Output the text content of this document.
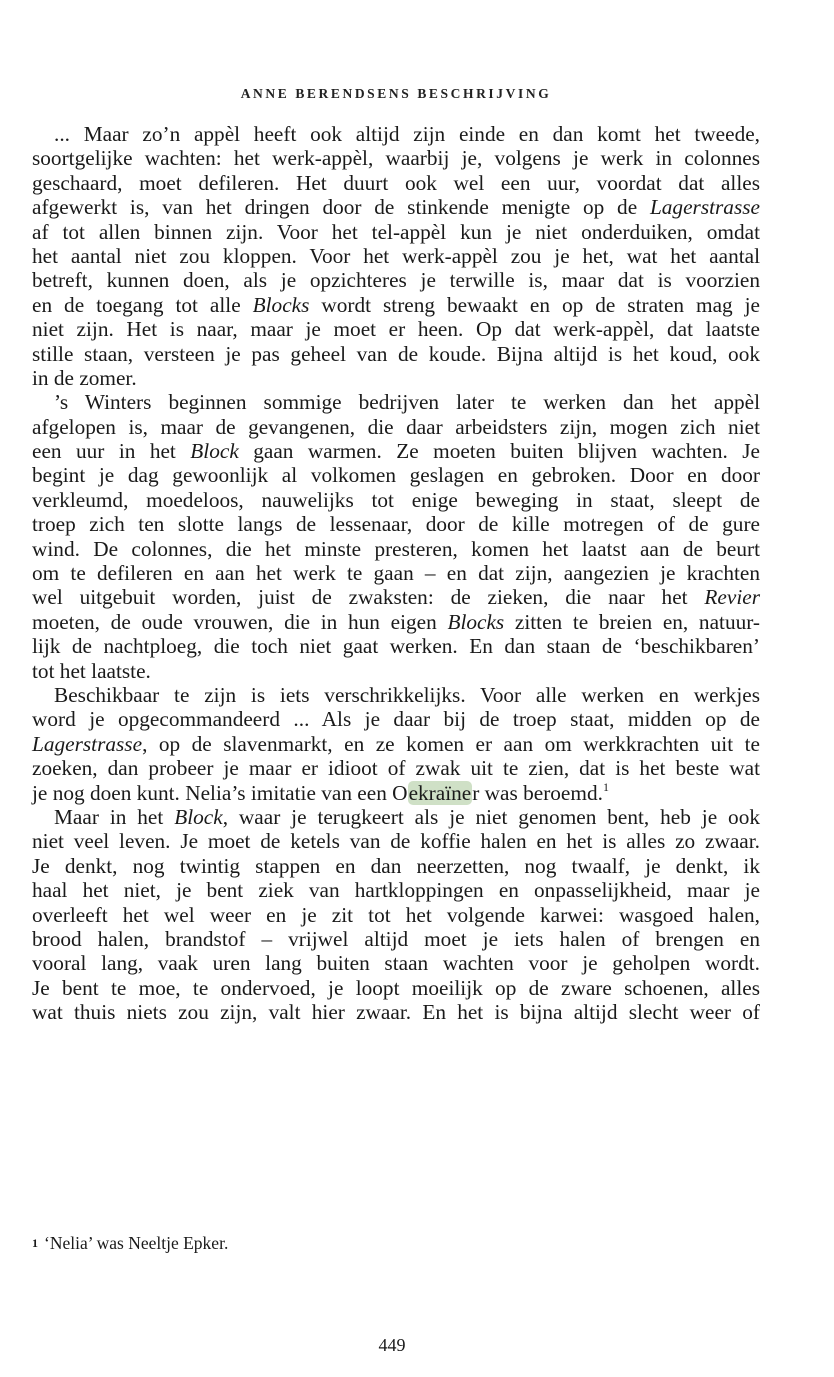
ANNE BERENDSENS BESCHRIJVING
... Maar zo’n appèl heeft ook altijd zijn einde en dan komt het tweede,
soortgelijke wachten: het werk-appèl, waarbij je, volgens je werk in colonnes
geschaard, moet defileren. Het duurt ook wel een uur, voordat dat alles
afgewerkt is, van het dringen door de stinkende menigte op de Lagerstrasse
af tot allen binnen zijn. Voor het tel-appèl kun je niet onderduiken, omdat
het aantal niet zou kloppen. Voor het werk-appèl zou je het, wat het aantal
betreft, kunnen doen, als je opzichteres je terwille is, maar dat is voorzien
en de toegang tot alle Blocks wordt streng bewaakt en op de straten mag je
niet zijn. Het is naar, maar je moet er heen. Op dat werk-appèl, dat laatste
stille staan, versteen je pas geheel van de koude. Bijna altijd is het koud, ook
in de zomer.
’s Winters beginnen sommige bedrijven later te werken dan het appèl
afgelopen is, maar de gevangenen, die daar arbeidsters zijn, mogen zich niet
een uur in het Block gaan warmen. Ze moeten buiten blijven wachten. Je
begint je dag gewoonlijk al volkomen geslagen en gebroken. Door en door
verkleumd, moedeloos, nauwelijks tot enige beweging in staat, sleept de
troep zich ten slotte langs de lessenaar, door de kille motregen of de gure
wind. De colonnes, die het minste presteren, komen het laatst aan de beurt
om te defileren en aan het werk te gaan – en dat zijn, aangezien je krachten
wel uitgebuit worden, juist de zwaksten: de zieken, die naar het Revier
moeten, de oude vrouwen, die in hun eigen Blocks zitten te breien en, natuur-
lijk de nachtploeg, die toch niet gaat werken. En dan staan de ‘beschikbaren’
tot het laatste.
Beschikbaar te zijn is iets verschrikkelijks. Voor alle werken en werkjes
word je opgecommandeerd ... Als je daar bij de troep staat, midden op de
Lagerstrasse, op de slavenmarkt, en ze komen er aan om werkkrachten uit te
zoeken, dan probeer je maar er idioot of zwak uit te zien, dat is het beste wat
je nog doen kunt. Nelia’s imitatie van een Oekraïner was beroemd.$^1$
Maar in het Block, waar je terugkeert als je niet genomen bent, heb je ook
niet veel leven. Je moet de ketels van de koffie halen en het is alles zo zwaar.
Je denkt, nog twintig stappen en dan neerzetten, nog twaalf, je denkt, ik
haal het niet, je bent ziek van hartkloppingen en onpasselijkheid, maar je
overleeft het wel weer en je zit tot het volgende karwei: wasgoed halen,
brood halen, brandstof – vrijwel altijd moet je iets halen of brengen en
vooral lang, vaak uren lang buiten staan wachten voor je geholpen wordt.
Je bent te moe, te ondervoed, je loopt moeilijk op de zware schoenen, alles
wat thuis niets zou zijn, valt hier zwaar. En het is bijna altijd slecht weer of
1 ‘Nelia’ was Neeltje Epker.
449
